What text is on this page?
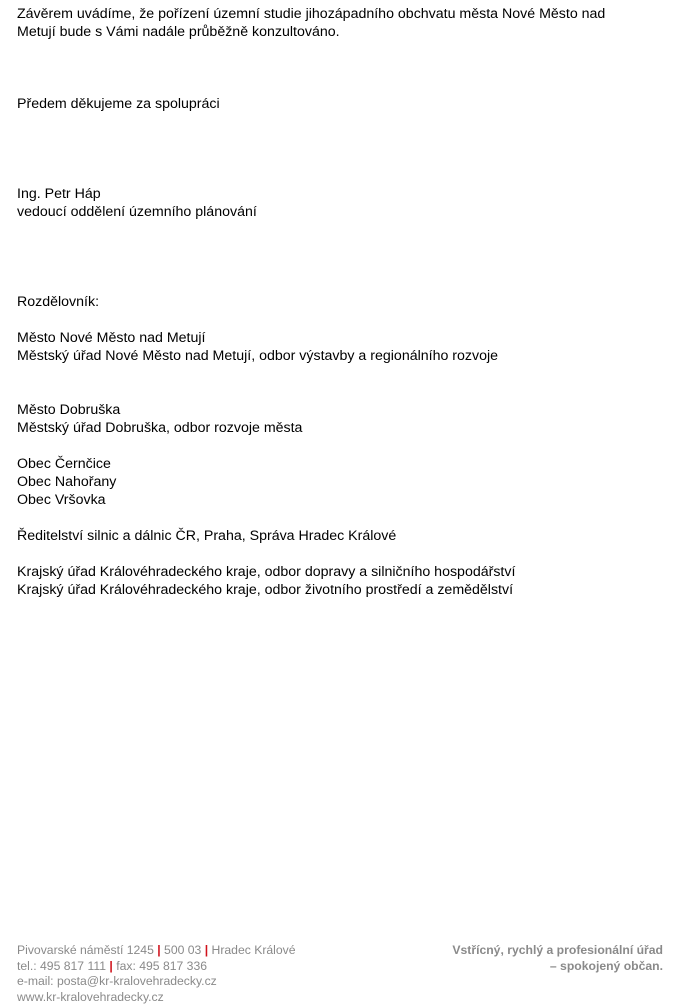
Závěrem uvádíme, že pořízení územní studie jihozápadního obchvatu města Nové Město nad
Metují bude s Vámi nadále průběžně konzultováno.
Předem děkujeme za spolupráci
Ing. Petr Háp
vedoucí oddělení územního plánování
Rozdělovník:
Město Nové Město nad Metují
Městský úřad Nové Město nad Metují, odbor výstavby a regionálního rozvoje
Město Dobruška
Městský úřad Dobruška, odbor rozvoje města
Obec Černčice
Obec Nahořany
Obec Vršovka
Ředitelství silnic a dálnic ČR, Praha, Správa Hradec Králové
Krajský úřad Královéhradeckého kraje, odbor dopravy a silničního hospodářství
Krajský úřad Královéhradeckého kraje, odbor životního prostředí a zemědělství
Pivovarské náměstí 1245 | 500 03 | Hradec Králové
tel.: 495 817 111 | fax: 495 817 336
e-mail: posta@kr-kralovehradecky.cz
www.kr-kralovehradecky.cz
Vstřícný, rychlý a profesionální úřad
– spokojený občan.
